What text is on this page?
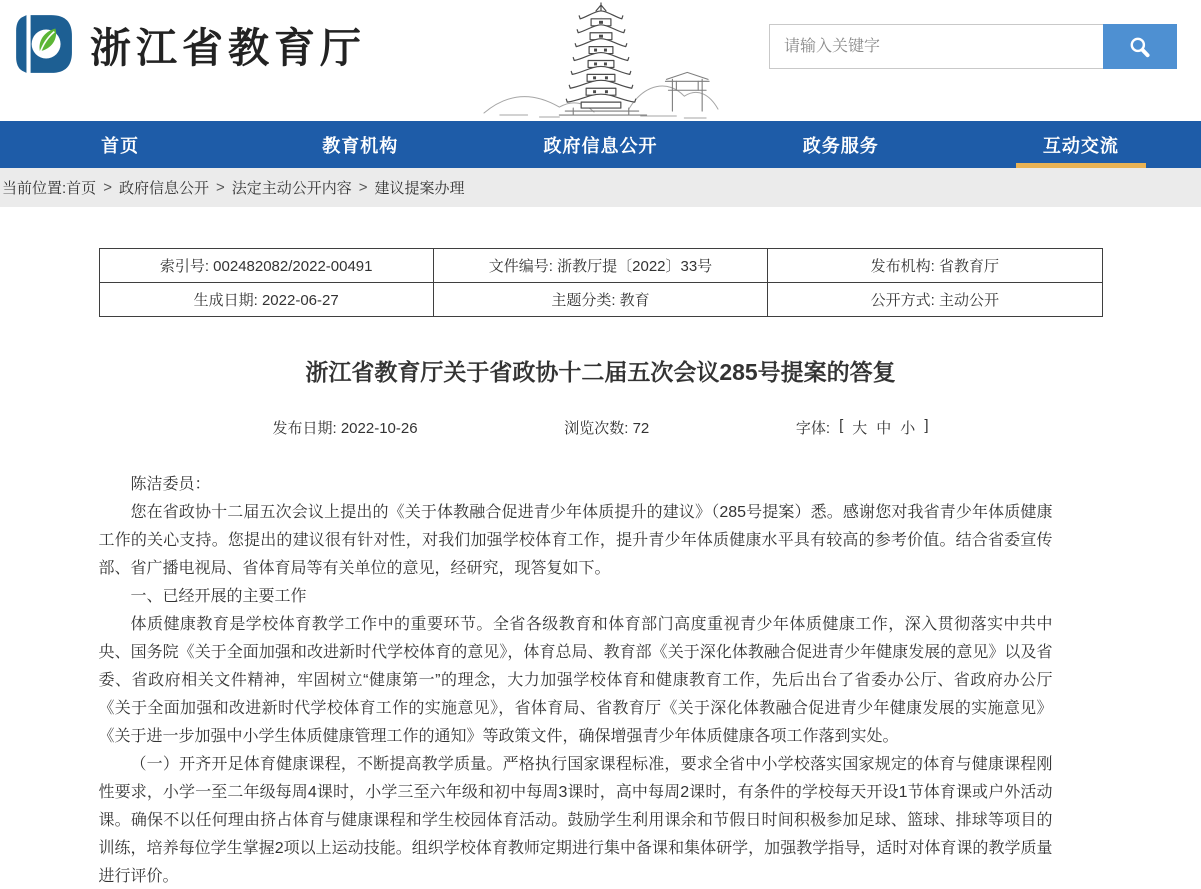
浙江省教育厅
请输入关键字
首页	教育机构	政府信息公开	政务服务	互动交流
当前位置: 首页 > 政府信息公开 > 法定主动公开内容 > 建议提案办理
索引号: 002482082/2022-00491	文件编号: 浙教厅提〔2022〕33号	发布机构: 省教育厅
生成日期: 2022-06-27	主题分类: 教育	公开方式: 主动公开
浙江省教育厅关于省政协十二届五次会议285号提案的答复
发布日期: 2022-10-26	浏览次数: 72	字体: [ 大 中 小 ]

陈洁委员：

您在省政协十二届五次会议上提出的《关于体教融合促进青少年体质提升的建议》（285号提案）悉。感谢您对我省青少年体质健康工作的关心支持。您提出的建议很有针对性，对我们加强学校体育工作，提升青少年体质健康水平具有较高的参考价值。结合省委宣传部、省广播电视局、省体育局等有关单位的意见，经研究，现答复如下。

一、已经开展的主要工作

体质健康教育是学校体育教学工作中的重要环节。全省各级教育和体育部门高度重视青少年体质健康工作，深入贯彻落实中共中央、国务院《关于全面加强和改进新时代学校体育的意见》，体育总局、教育部《关于深化体教融合促进青少年健康发展的意见》以及省委、省政府相关文件精神，牢固树立“健康第一”的理念，大力加强学校体育和健康教育工作，先后出台了省委办公厅、省政府办公厅《关于全面加强和改进新时代学校体育工作的实施意见》，省体育局、省教育厅《关于深化体教融合促进青少年健康发展的实施意见》《关于进一步加强中小学生体质健康管理工作的通知》等政策文件，确保增强青少年体质健康各项工作落到实处。

（一）开齐开足体育健康课程，不断提高教学质量。严格执行国家课程标准，要求全省中小学校落实国家规定的体育与健康课程刚性要求，小学一至二年级每周4课时，小学三至六年级和初中每周3课时，高中每周2课时，有条件的学校每天开设1节体育课或户外活动课。确保不以任何理由挤占体育与健康课程和学生校园体育活动。鼓励学生利用课余和节假日时间积极参加足球、篮球、排球等项目的训练，培养每位学生掌握2项以上运动技能。组织学校体育教师定期进行集中备课和集体研学，加强教学指导，适时对体育课的教学质量进行评价。
